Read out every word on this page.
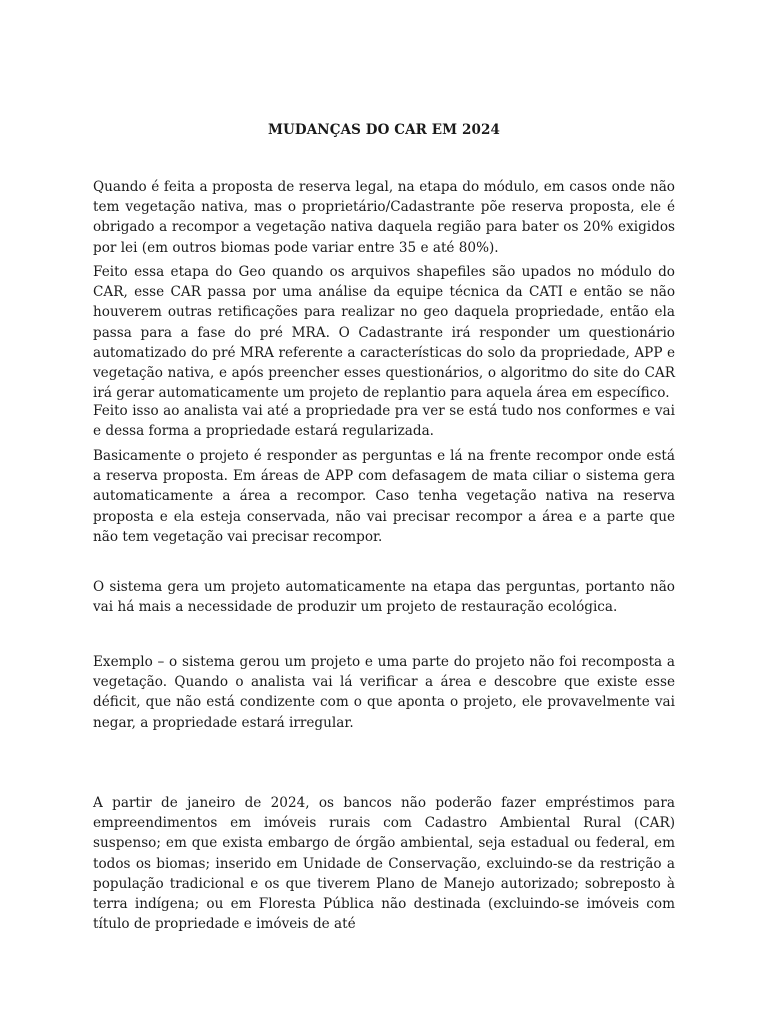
MUDANÇAS DO CAR EM 2024

Quando é feita a proposta de reserva legal, na etapa do módulo, em casos onde não tem vegetação nativa, mas o proprietário/Cadastrante põe reserva proposta, ele é obrigado a recompor a vegetação nativa daquela região para bater os 20% exigidos por lei (em outros biomas pode variar entre 35 e até 80%).

Feito essa etapa do Geo quando os arquivos shapefiles são upados no módulo do CAR, esse CAR passa por uma análise da equipe técnica da CATI e então se não houverem outras retificações para realizar no geo daquela propriedade, então ela passa para a fase do pré MRA. O Cadastrante irá responder um questionário automatizado do pré MRA referente a características do solo da propriedade, APP e vegetação nativa, e após preencher esses questionários, o algoritmo do site do CAR irá gerar automaticamente um projeto de replantio para aquela área em específico.

Feito isso ao analista vai até a propriedade pra ver se está tudo nos conformes e vai e dessa forma a propriedade estará regularizada.

Basicamente o projeto é responder as perguntas e lá na frente recompor onde está a reserva proposta. Em áreas de APP com defasagem de mata ciliar o sistema gera automaticamente a área a recompor. Caso tenha vegetação nativa na reserva proposta e ela esteja conservada, não vai precisar recompor a área e a parte que não tem vegetação vai precisar recompor.

O sistema gera um projeto automaticamente na etapa das perguntas, portanto não vai há mais a necessidade de produzir um projeto de restauração ecológica.

Exemplo – o sistema gerou um projeto e uma parte do projeto não foi recomposta a vegetação. Quando o analista vai lá verificar a área e descobre que existe esse déficit, que não está condizente com o que aponta o projeto, ele provavelmente vai negar, a propriedade estará irregular.

A partir de janeiro de 2024, os bancos não poderão fazer empréstimos para empreendimentos em imóveis rurais com Cadastro Ambiental Rural (CAR) suspenso; em que exista embargo de órgão ambiental, seja estadual ou federal, em todos os biomas; inserido em Unidade de Conservação, excluindo-se da restrição a população tradicional e os que tiverem Plano de Manejo autorizado; sobreposto à terra indígena; ou em Floresta Pública não destinada (excluindo-se imóveis com título de propriedade e imóveis de até
